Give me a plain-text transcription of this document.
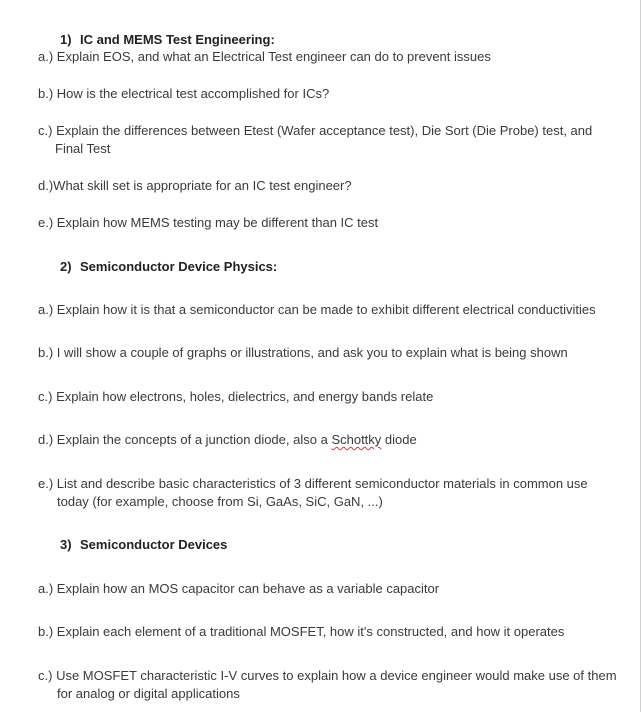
1) IC and MEMS Test Engineering:
a.) Explain EOS, and what an Electrical Test engineer can do to prevent issues
b.) How is the electrical test accomplished for ICs?
c.) Explain the differences between Etest (Wafer acceptance test), Die Sort (Die Probe) test, and
Final Test
d.)What skill set is appropriate for an IC test engineer?
e.) Explain how MEMS testing may be different than IC test
2) Semiconductor Device Physics:
a.) Explain how it is that a semiconductor can be made to exhibit different electrical conductivities
b.) I will show a couple of graphs or illustrations, and ask you to explain what is being shown
c.) Explain how electrons, holes, dielectrics, and energy bands relate
d.) Explain the concepts of a junction diode, also a Schottky diode
e.) List and describe basic characteristics of 3 different semiconductor materials in common use
today (for example, choose from Si, GaAs, SiC, GaN, ...)
3) Semiconductor Devices
a.) Explain how an MOS capacitor can behave as a variable capacitor
b.) Explain each element of a traditional MOSFET, how it's constructed, and how it operates
c.) Use MOSFET characteristic I-V curves to explain how a device engineer would make use of them
for analog or digital applications
